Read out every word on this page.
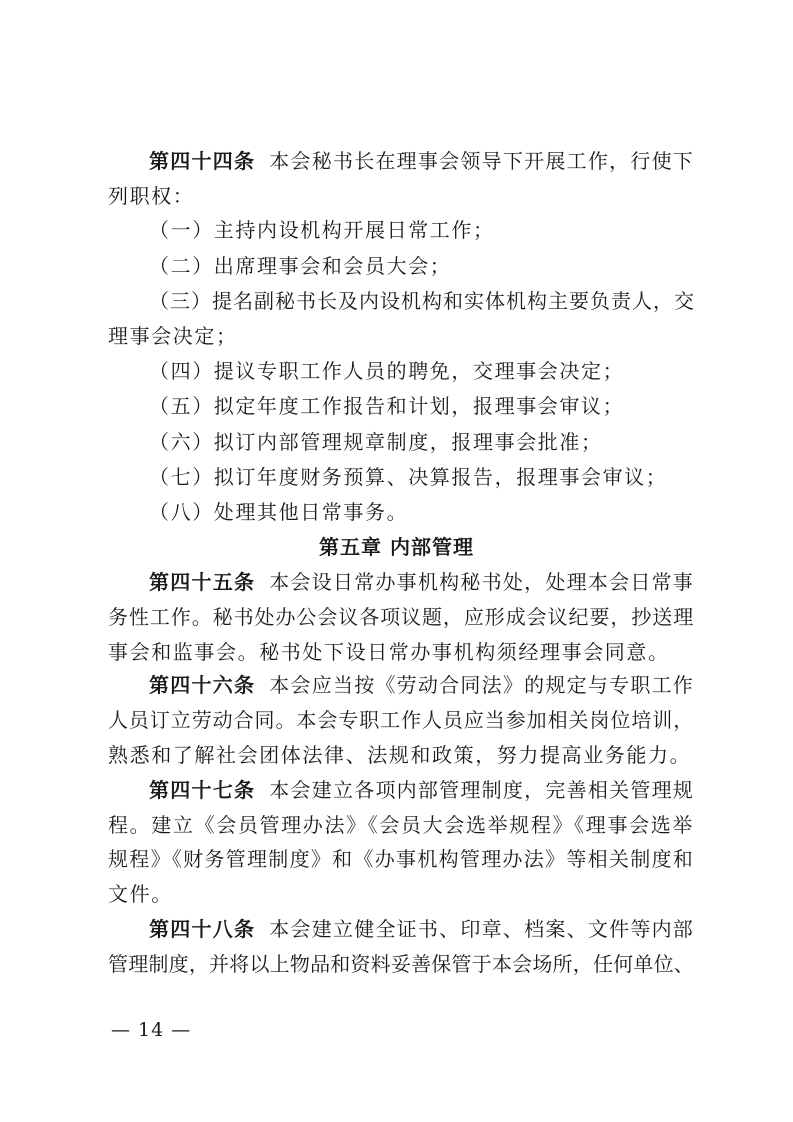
第四十四条 本会秘书长在理事会领导下开展工作，行使下
列职权：
（一）主持内设机构开展日常工作；
（二）出席理事会和会员大会；
（三）提名副秘书长及内设机构和实体机构主要负责人，交
理事会决定；
（四）提议专职工作人员的聘免，交理事会决定；
（五）拟定年度工作报告和计划，报理事会审议；
（六）拟订内部管理规章制度，报理事会批准；
（七）拟订年度财务预算、决算报告，报理事会审议；
（八）处理其他日常事务。
第五章 内部管理
第四十五条 本会设日常办事机构秘书处，处理本会日常事
务性工作。秘书处办公会议各项议题，应形成会议纪要，抄送理
事会和监事会。秘书处下设日常办事机构须经理事会同意。
第四十六条 本会应当按《劳动合同法》的规定与专职工作
人员订立劳动合同。本会专职工作人员应当参加相关岗位培训，
熟悉和了解社会团体法律、法规和政策，努力提高业务能力。
第四十七条 本会建立各项内部管理制度，完善相关管理规
程。建立《会员管理办法》《会员大会选举规程》《理事会选举
规程》《财务管理制度》和《办事机构管理办法》等相关制度和
文件。
第四十八条 本会建立健全证书、印章、档案、文件等内部
管理制度，并将以上物品和资料妥善保管于本会场所，任何单位、
— 14 —
